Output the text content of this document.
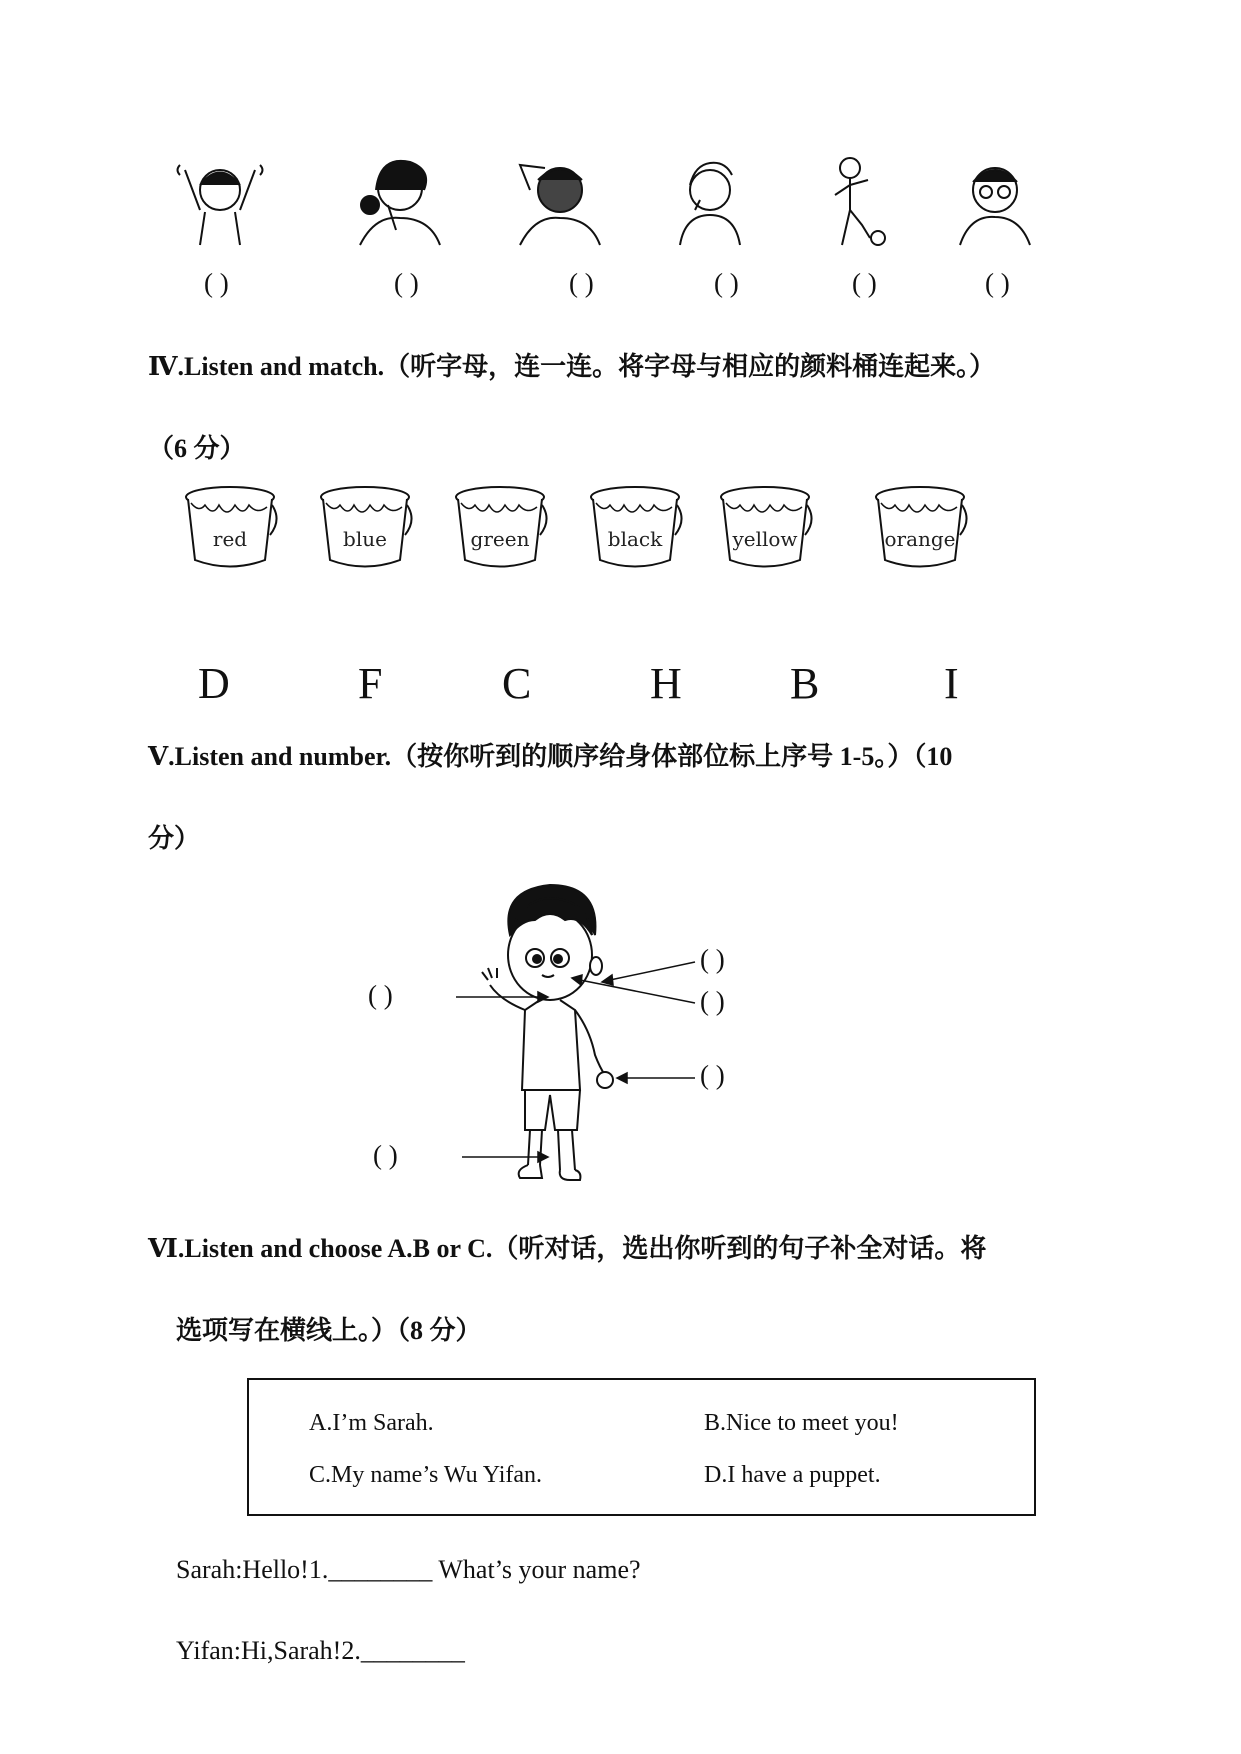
( )	( )	( )	( )	( )	( )
Ⅳ.Listen and match.（听字母，连一连。将字母与相应的颜料桶连起来。）
（6 分）
red	blue	green	black	yellow	orange
D	F	C	H B	I
Ⅴ.Listen and number.（按你听到的顺序给身体部位标上序号 1-5。）（10
分）
( )
( )
( )
( )
( )
Ⅵ.Listen and choose A.B or C.（听对话，选出你听到的句子补全对话。将
选项写在横线上。）（8 分）
A.I’m Sarah.	B.Nice to meet you!
C.My name’s Wu Yifan.	D.I have a puppet.
Sarah:Hello!1.________ What’s your name?
Yifan:Hi,Sarah!2.________
